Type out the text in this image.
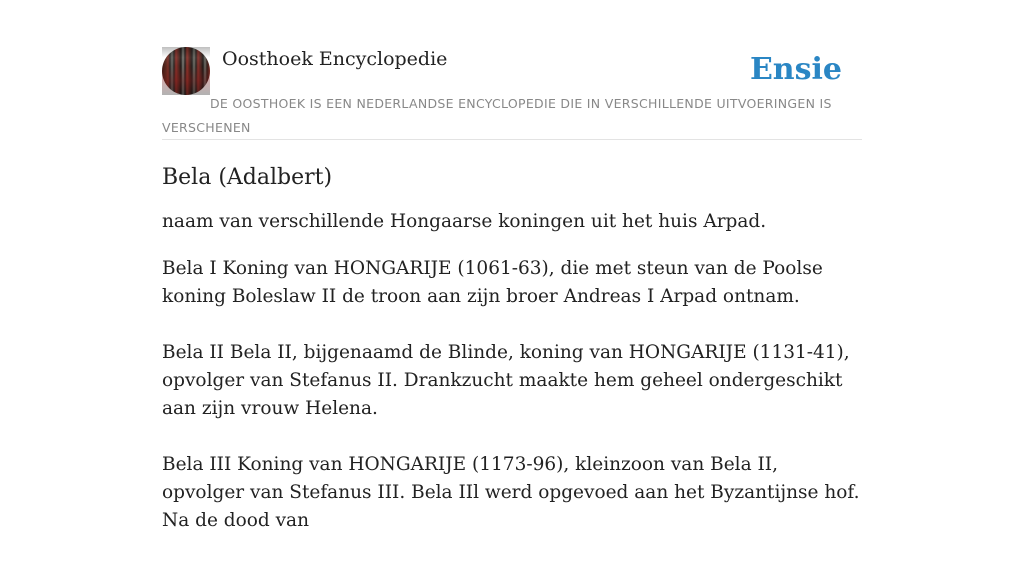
Oosthoek Encyclopedie	Ensie
DE OOSTHOEK IS EEN NEDERLANDSE ENCYCLOPEDIE DIE IN VERSCHILLENDE UITVOERINGEN IS VERSCHENEN
Bela (Adalbert)

naam van verschillende Hongaarse koningen uit het huis Arpad.

Bela I Koning van HONGARIJE (1061-63), die met steun van de Poolse koning Boleslaw II de troon aan zijn broer Andreas I Arpad ontnam.

Bela II Bela II, bijgenaamd de Blinde, koning van HONGARIJE (1131-41), opvolger van Stefanus II. Drankzucht maakte hem geheel ondergeschikt aan zijn vrouw Helena.

Bela III Koning van HONGARIJE (1173-96), kleinzoon van Bela II, opvolger van Stefanus III. Bela IIl werd opgevoed aan het Byzantijnse hof. Na de dood van
